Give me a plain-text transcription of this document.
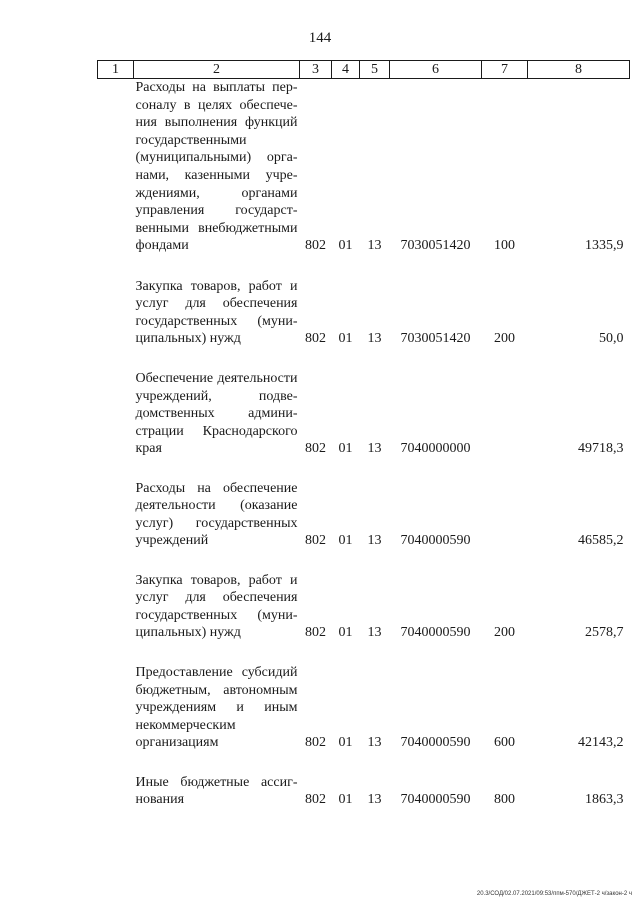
144
1	2	3	4	5	6	7	8
	Расходы на выплаты персоналу в целях обеспечения выполнения функций государственными (муниципальными) органами, казенными учреждениями, органами управления государственными внебюджетными фондами	802	01	13	7030051420	100	1335,9
	Закупка товаров, работ и услуг для обеспечения государственных (муниципальных) нужд	802	01	13	7030051420	200	50,0
	Обеспечение деятельности учреждений, подведомственных администрации Краснодарского края	802	01	13	7040000000		49718,3
	Расходы на обеспечение деятельности (оказание услуг) государственных учреждений	802	01	13	7040000590		46585,2
	Закупка товаров, работ и услуг для обеспечения государственных (муниципальных) нужд	802	01	13	7040000590	200	2578,7
	Предоставление субсидий бюджетным, автономным учреждениям и иным некоммерческим организациям	802	01	13	7040000590	600	42143,2
	Иные бюджетные ассигнования	802	01	13	7040000590	800	1863,3
20.3/СОД/02.07.2021/09:53/ппм-570/ДЖЕТ-2 ч/закон-2 ч
